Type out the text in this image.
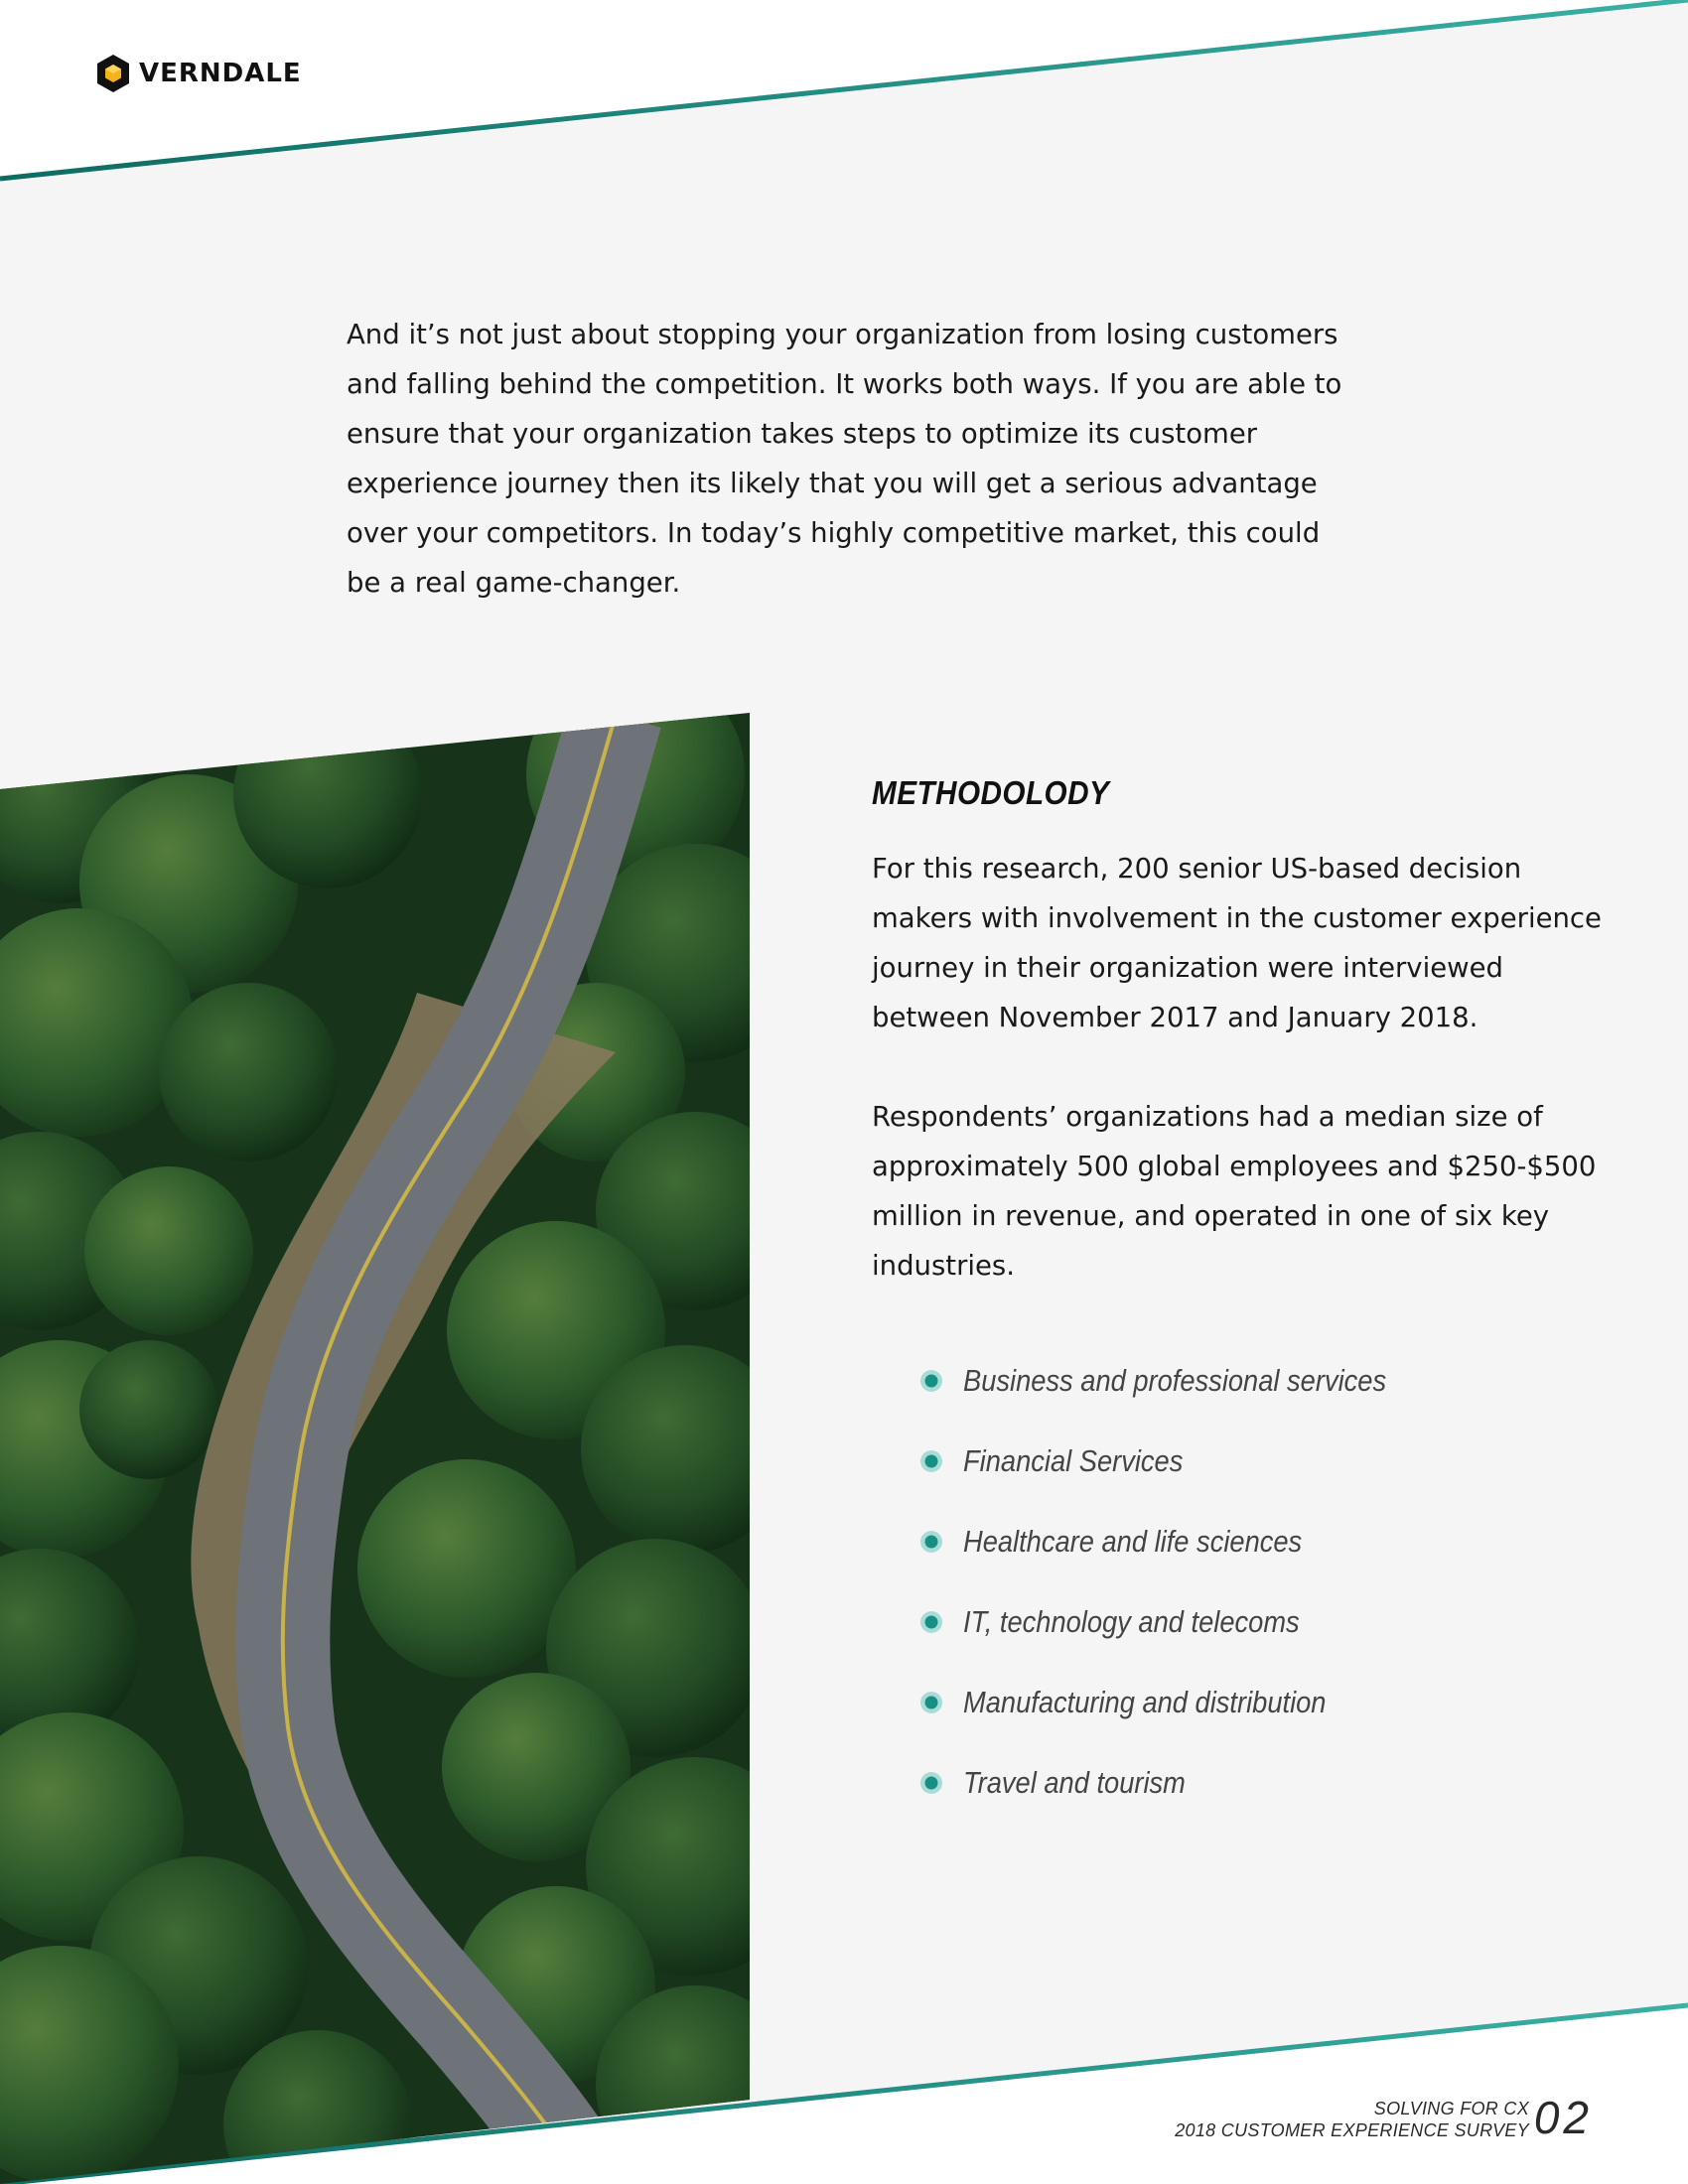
VERNDALE

And it’s not just about stopping your organization from losing customers and falling behind the competition. It works both ways. If you are able to ensure that your organization takes steps to optimize its customer experience journey then its likely that you will get a serious advantage over your competitors. In today’s highly competitive market, this could be a real game-changer.

METHODOLODY

For this research, 200 senior US-based decision makers with involvement in the customer experience journey in their organization were interviewed between November 2017 and January 2018.

Respondents’ organizations had a median size of approximately 500 global employees and $250-$500 million in revenue, and operated in one of six key industries.

Business and professional services
Financial Services
Healthcare and life sciences
IT, technology and telecoms
Manufacturing and distribution
Travel and tourism
SOLVING FOR CX
2018 CUSTOMER EXPERIENCE SURVEY 02
